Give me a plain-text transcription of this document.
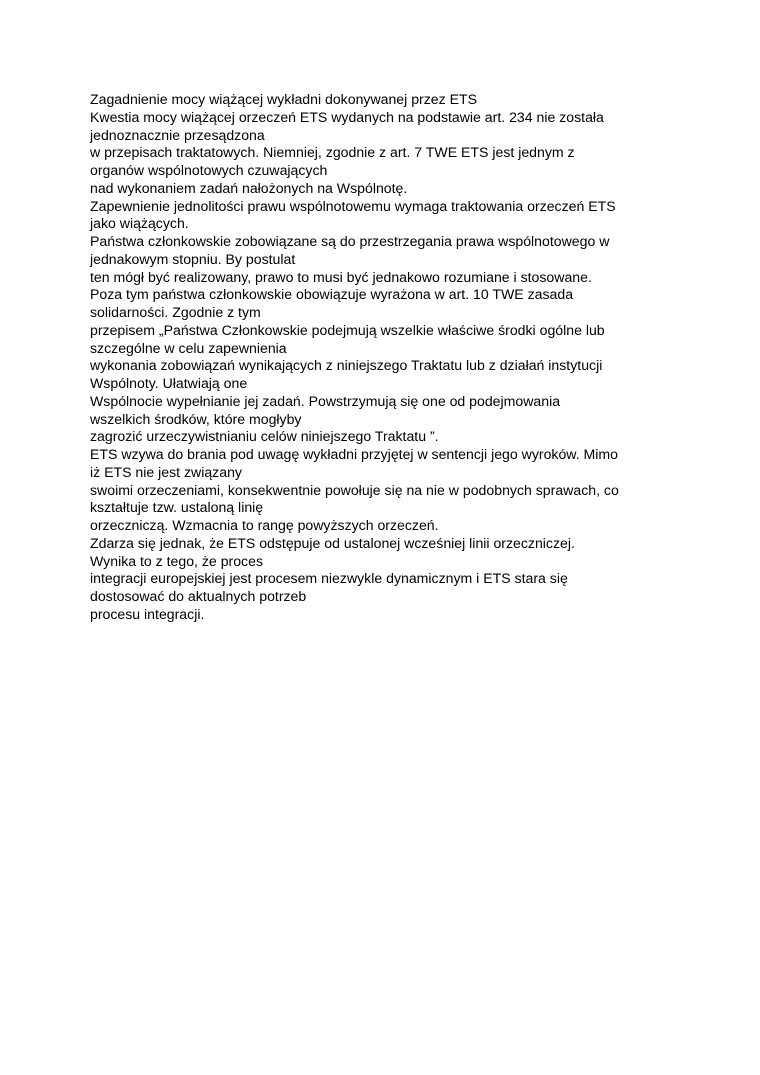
Zagadnienie mocy wiążącej wykładni dokonywanej przez ETS
Kwestia mocy wiążącej orzeczeń ETS wydanych na podstawie art. 234 nie została
jednoznacznie przesądzona
w przepisach traktatowych. Niemniej, zgodnie z art. 7 TWE ETS jest jednym z
organów wspólnotowych czuwających
nad wykonaniem zadań nałożonych na Wspólnotę.
Zapewnienie jednolitości prawu wspólnotowemu wymaga traktowania orzeczeń ETS
jako wiążących.
Państwa członkowskie zobowiązane są do przestrzegania prawa wspólnotowego w
jednakowym stopniu. By postulat
ten mógł być realizowany, prawo to musi być jednakowo rozumiane i stosowane.
Poza tym państwa członkowskie obowiązuje wyrażona w art. 10 TWE zasada
solidarności. Zgodnie z tym
przepisem „Państwa Członkowskie podejmują wszelkie właściwe środki ogólne lub
szczególne w celu zapewnienia
wykonania zobowiązań wynikających z niniejszego Traktatu lub z działań instytucji
Wspólnoty. Ułatwiają one
Wspólnocie wypełnianie jej zadań. Powstrzymują się one od podejmowania
wszelkich środków, które mogłyby
zagrozić urzeczywistnianiu celów niniejszego Traktatu ”.
ETS wzywa do brania pod uwagę wykładni przyjętej w sentencji jego wyroków. Mimo
iż ETS nie jest związany
swoimi orzeczeniami, konsekwentnie powołuje się na nie w podobnych sprawach, co
kształtuje tzw. ustaloną linię
orzeczniczą. Wzmacnia to rangę powyższych orzeczeń.
Zdarza się jednak, że ETS odstępuje od ustalonej wcześniej linii orzeczniczej.
Wynika to z tego, że proces
integracji europejskiej jest procesem niezwykle dynamicznym i ETS stara się
dostosować do aktualnych potrzeb
procesu integracji.
